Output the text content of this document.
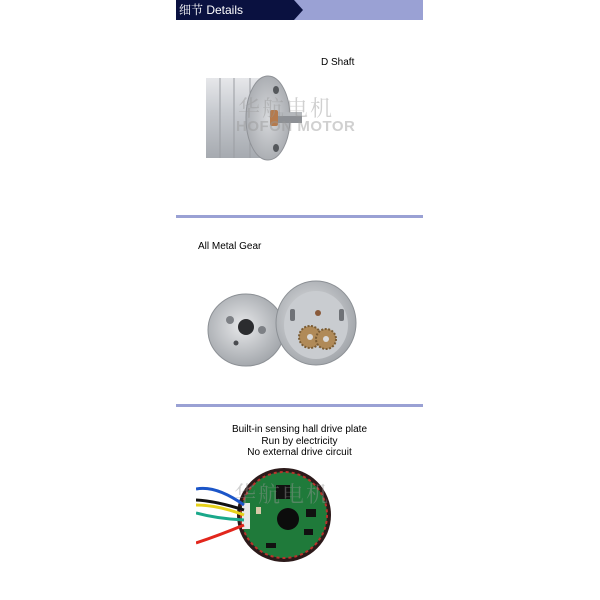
细节 Details
D Shaft
华航电机
HOFON MOTOR
All Metal Gear
Built-in sensing hall drive plate
Run by electricity
No external drive circuit
华航电机
